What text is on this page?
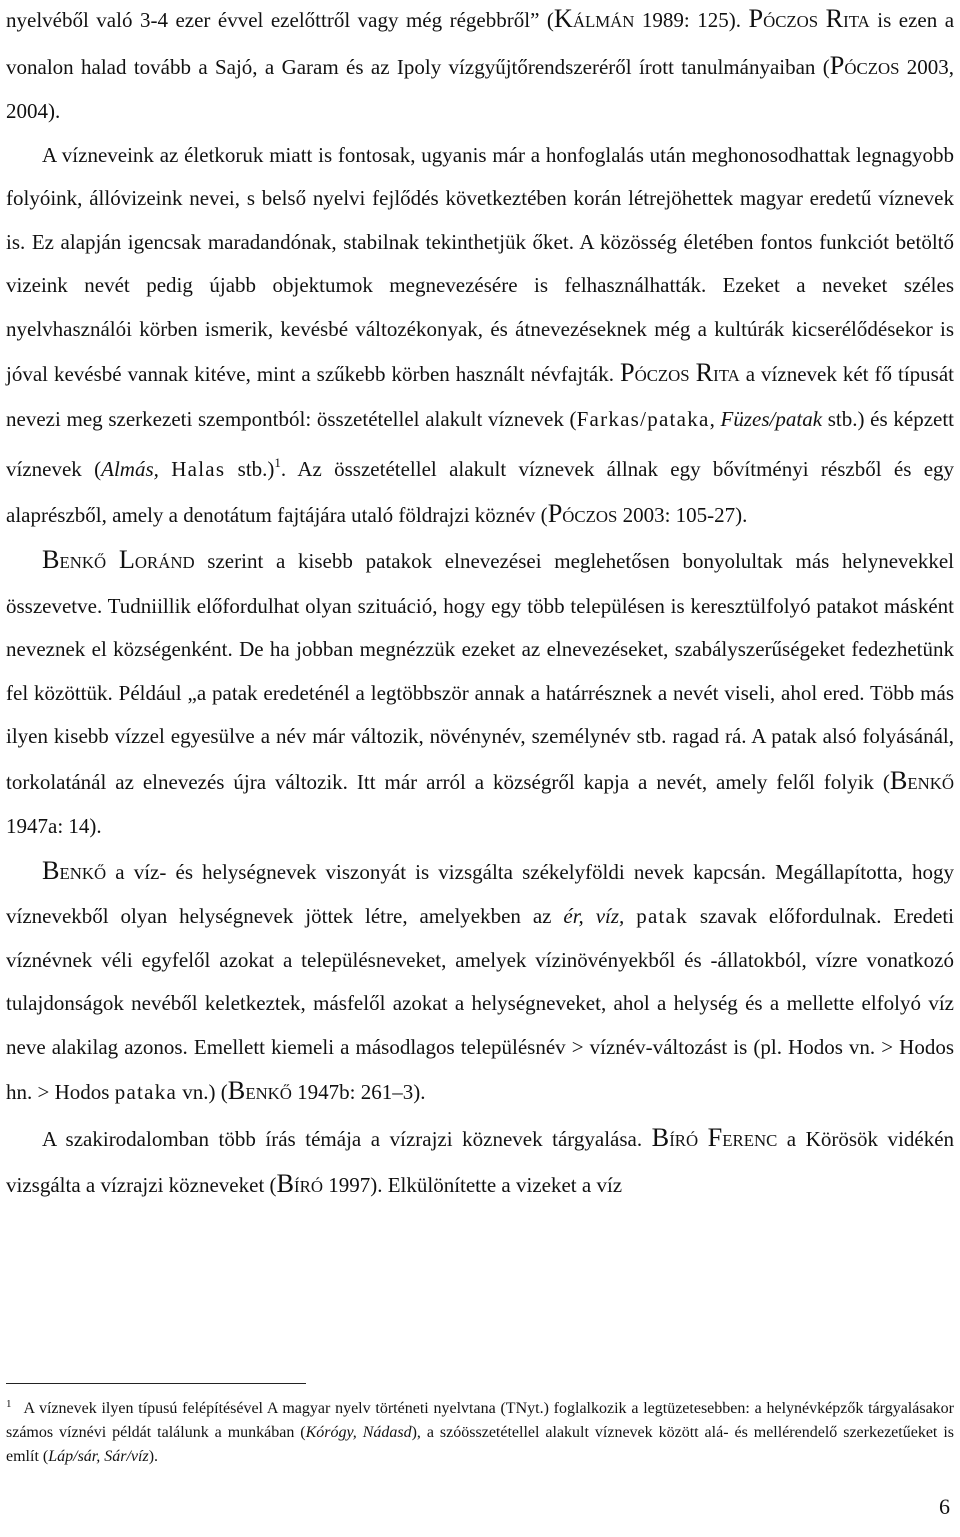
nyelvéből való 3-4 ezer évvel ezelőttről vagy még régebbről” (KÁLMÁN 1989: 125). PÓCZOS RITA is ezen a vonalon halad tovább a Sajó, a Garam és az Ipoly vízgyűjtőrendszeréről írott tanulmányaiban (PÓCZOS 2003, 2004).

A vízneveink az életkoruk miatt is fontosak, ugyanis már a honfoglalás után meghonosodhattak legnagyobb folyóink, állóvizeink nevei, s belső nyelvi fejlődés következtében korán létrejöhettek magyar eredetű víznevek is. Ez alapján igencsak maradandónak, stabilnak tekinthetjük őket. A közösség életében fontos funkciót betöltő vizeink nevét pedig újabb objektumok megnevezésére is felhasználhatták. Ezeket a neveket széles nyelvhasználói körben ismerik, kevésbé változékonyak, és átnevezéseknek még a kultúrák kicserélődésekor is jóval kevésbé vannak kitéve, mint a szűkebb körben használt névfajták. PÓCZOS RITA a víznevek két fő típusát nevezi meg szerkezeti szempontból: összetétellel alakult víznevek (Farkas/pataka, Füzes/patak stb.) és képzett víznevek (Almás, Halas stb.)$^1$. Az összetétellel alakult víznevek állnak egy bővítményi részből és egy alaprészből, amely a denotátum fajtájára utaló földrajzi köznév (PÓCZOS 2003: 105-27).

BENKŐ LORÁND szerint a kisebb patakok elnevezései meglehetősen bonyolultak más helynevekkel összevetve. Tudniillik előfordulhat olyan szituáció, hogy egy több településen is keresztülfolyó patakot másként neveznek el községenként. De ha jobban megnézzük ezeket az elnevezéseket, szabályszerűségeket fedezhetünk fel közöttük. Például „a patak eredeténél a legtöbbször annak a határrésznek a nevét viseli, ahol ered. Több más ilyen kisebb vízzel egyesülve a név már változik, növénynév, személynév stb. ragad rá. A patak alsó folyásánál, torkolatánál az elnevezés újra változik. Itt már arról a községről kapja a nevét, amely felől folyik (BENKŐ 1947a: 14).

BENKŐ a víz- és helységnevek viszonyát is vizsgálta székelyföldi nevek kapcsán. Megállapította, hogy víznevekből olyan helységnevek jöttek létre, amelyekben az ér, víz, patak szavak előfordulnak. Eredeti víznévnek véli egyfelől azokat a településneveket, amelyek vízinövényekből és -állatokból, vízre vonatkozó tulajdonságok nevéből keletkeztek, másfelől azokat a helységneveket, ahol a helység és a mellette elfolyó víz neve alakilag azonos. Emellett kiemeli a másodlagos településnév > víznév-változást is (pl. Hodos vn. > Hodos hn. > Hodos pataka vn.) (BENKŐ 1947b: 261–3).

A szakirodalomban több írás témája a vízrajzi köznevek tárgyalása. BÍRÓ FERENC a Körösök vidékén vizsgálta a vízrajzi közneveket (BÍRÓ 1997). Elkülönítette a vizeket a víz

$^1$ A víznevek ilyen típusú felépítésével A magyar nyelv történeti nyelvtana (TNyt.) foglalkozik a legtüzetesebben: a helynévképzők tárgyalásakor számos víznévi példát találunk a munkában (Kórógy, Nádasd), a szóösszetétellel alakult víznevek között alá- és mellérendelő szerkezetűeket is említ (Láp/sár, Sár/víz).

6
